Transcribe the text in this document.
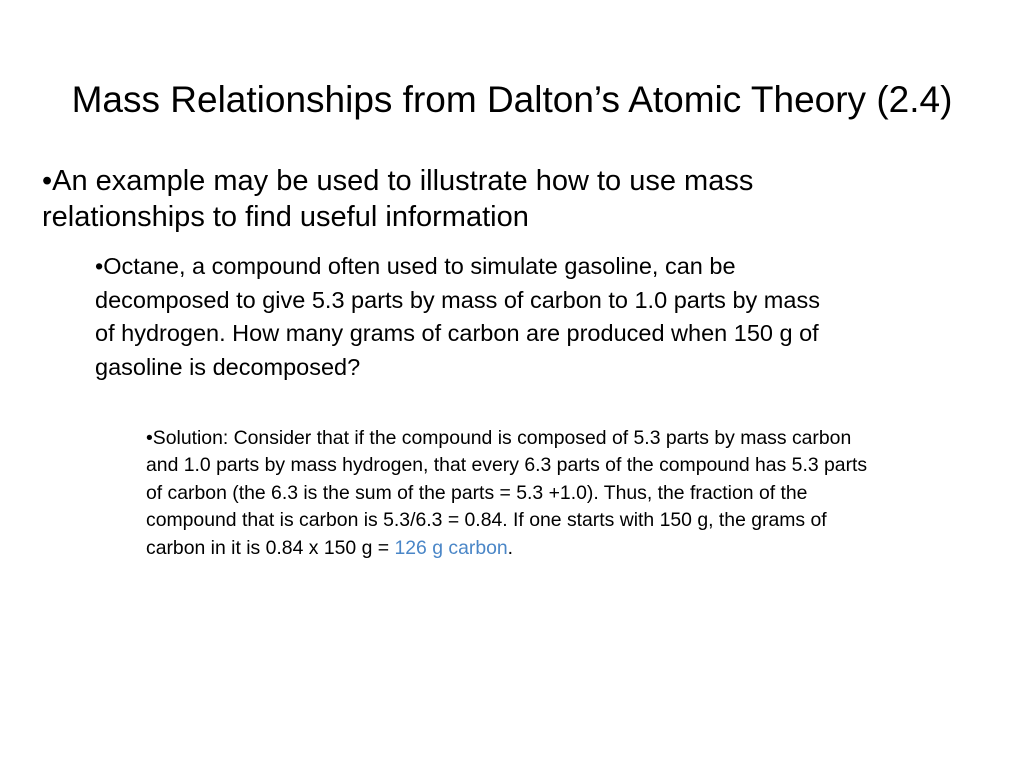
Mass Relationships from Dalton’s Atomic Theory (2.4)
•An example may be used to illustrate how to use mass
relationships to find useful information
•Octane, a compound often used to simulate gasoline, can be
decomposed to give 5.3 parts by mass of carbon to 1.0 parts by mass
of hydrogen. How many grams of carbon are produced when 150 g of
gasoline is decomposed?
•Solution: Consider that if the compound is composed of 5.3 parts by mass carbon
and 1.0 parts by mass hydrogen, that every 6.3 parts of the compound has 5.3 parts
of carbon (the 6.3 is the sum of the parts = 5.3 +1.0). Thus, the fraction of the
compound that is carbon is 5.3/6.3 = 0.84. If one starts with 150 g, the grams of
carbon in it is 0.84 x 150 g = 126 g carbon.
